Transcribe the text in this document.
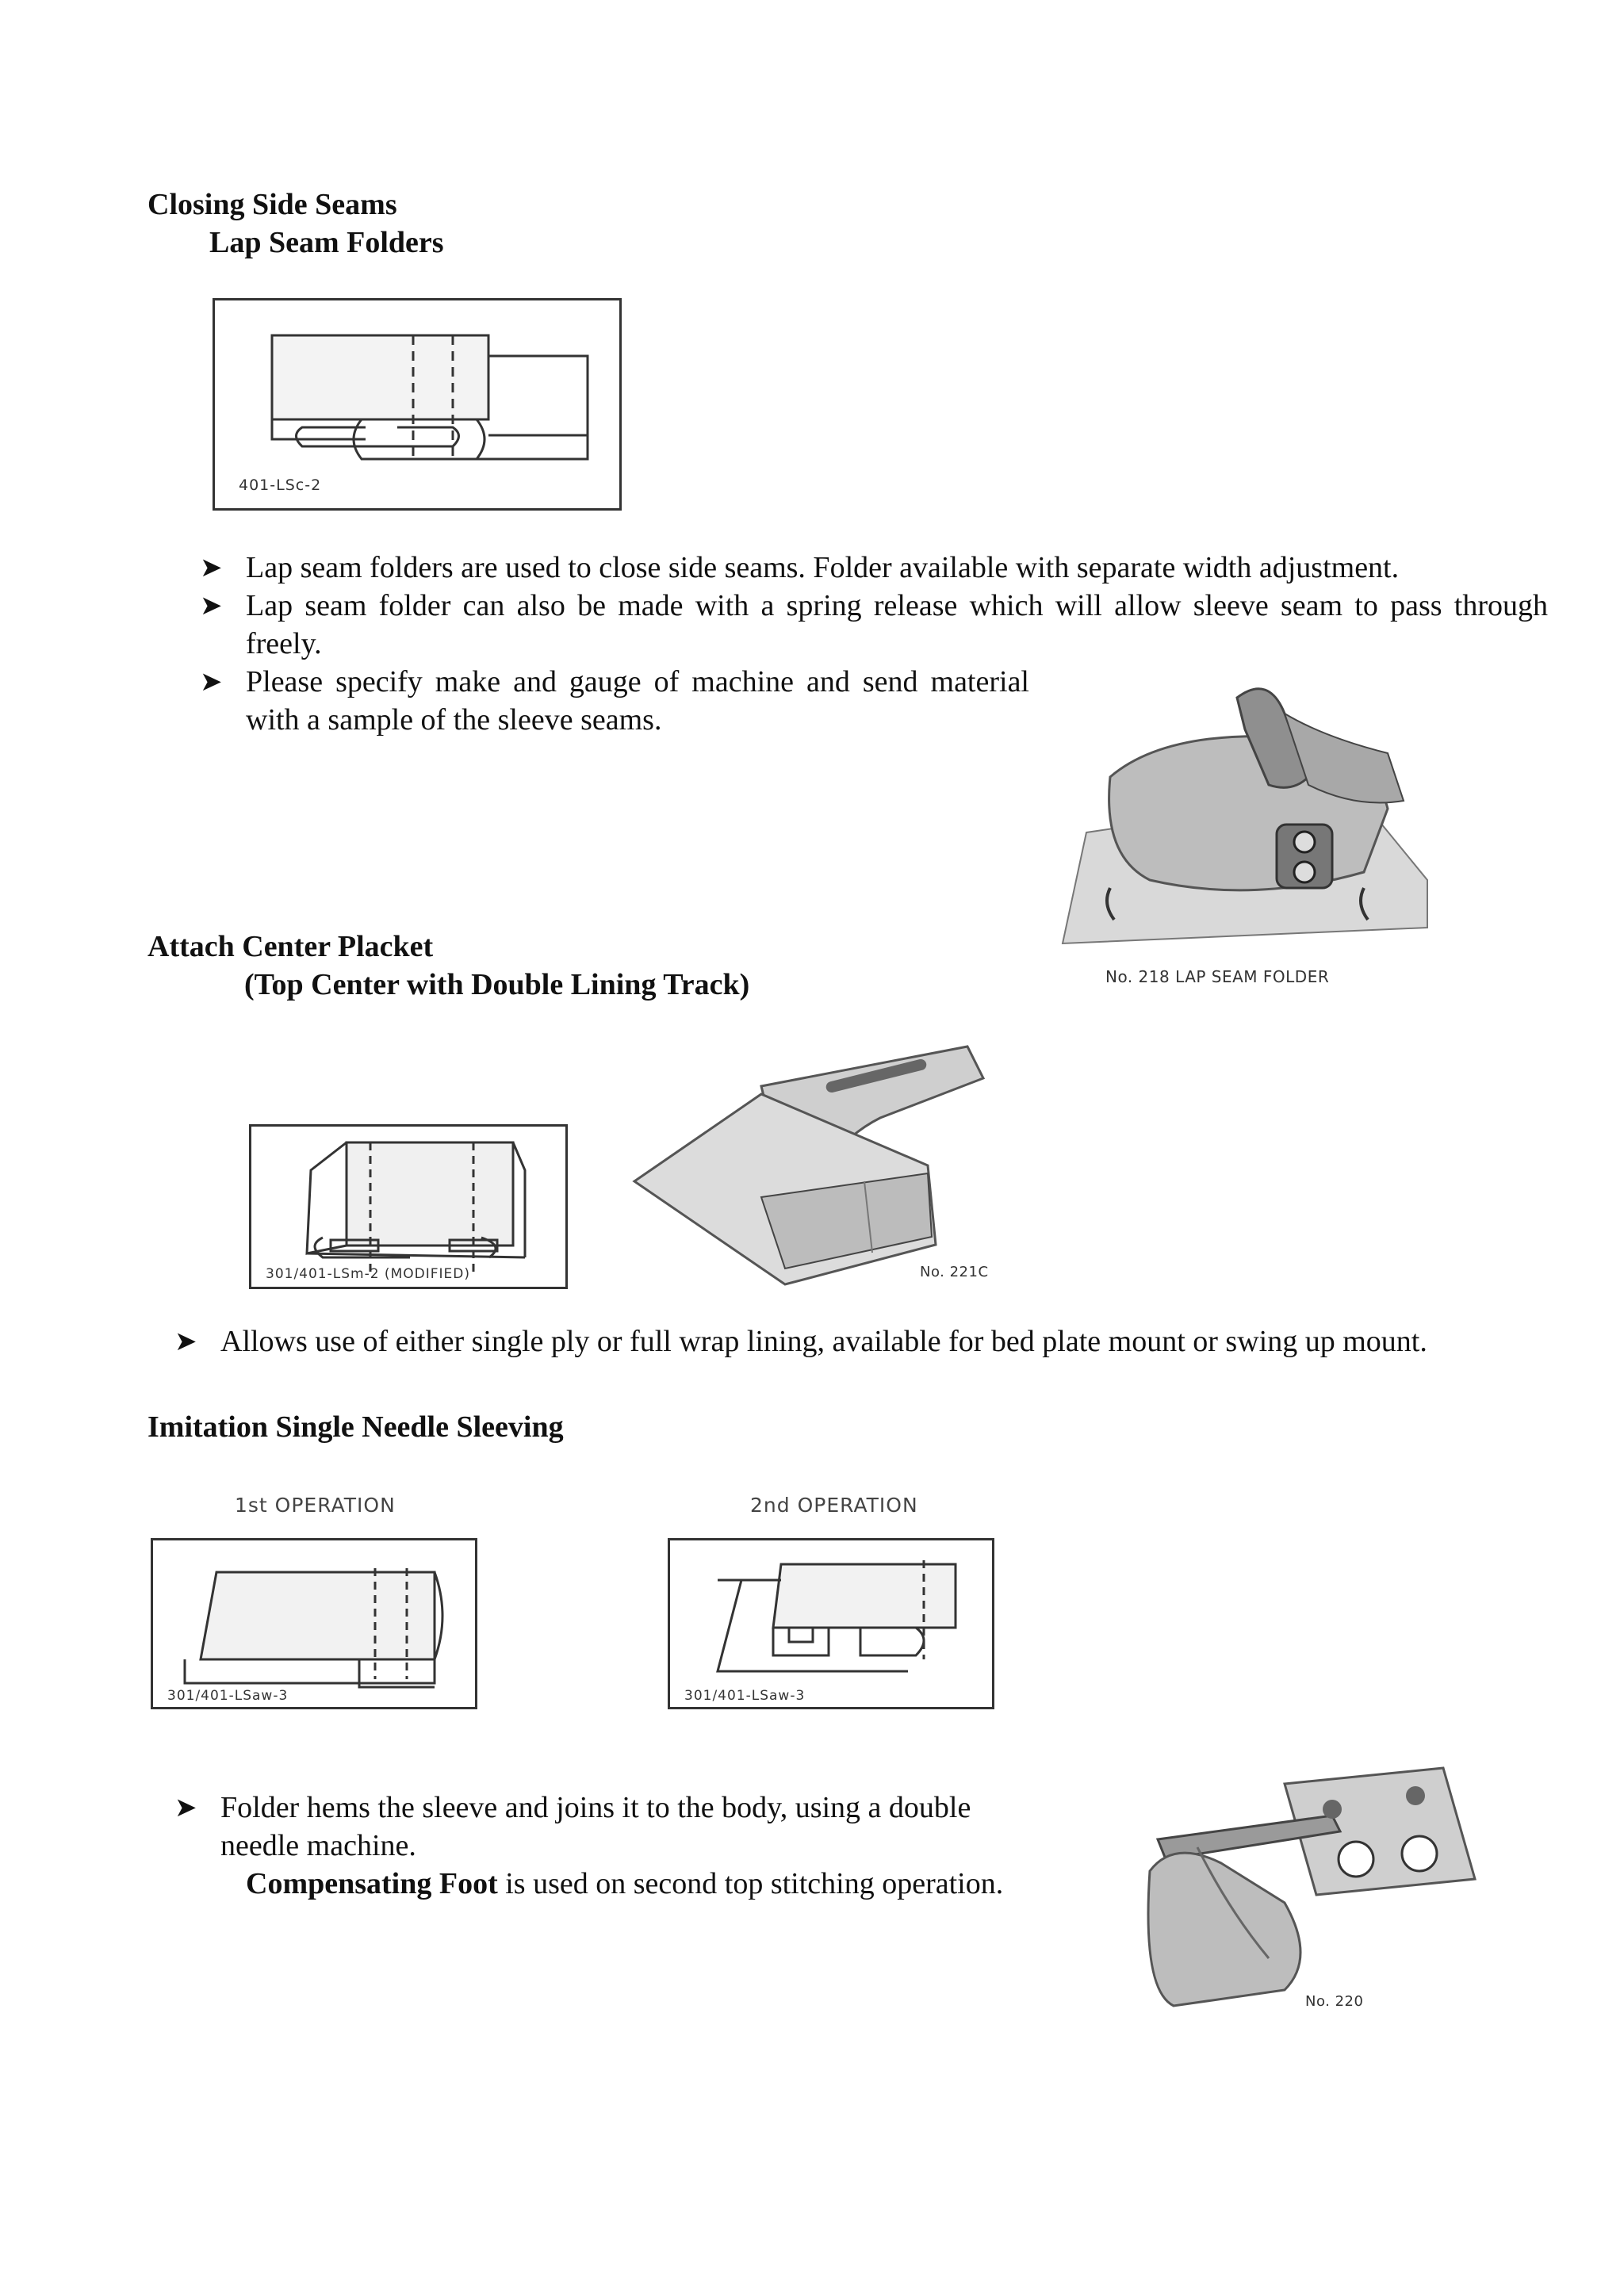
Closing Side Seams
Lap Seam Folders
401-LSc-2
➤ Lap seam folders are used to close side seams. Folder available with separate width adjustment.
➤ Lap seam folder can also be made with a spring release which will allow sleeve seam to pass through freely.
➤ Please specify make and gauge of machine and send material with a sample of the sleeve seams.
No. 218 LAP SEAM FOLDER
Attach Center Placket
(Top Center with Double Lining Track)
301/401-LSm-2 (MODIFIED)	No. 221C
➤ Allows use of either single ply or full wrap lining, available for bed plate mount or swing up mount.
Imitation Single Needle Sleeving
1st OPERATION	2nd OPERATION
301/401-LSaw-3	301/401-LSaw-3
➤ Folder hems the sleeve and joins it to the body, using a double needle machine.
Compensating Foot is used on second top stitching operation.
No. 220
